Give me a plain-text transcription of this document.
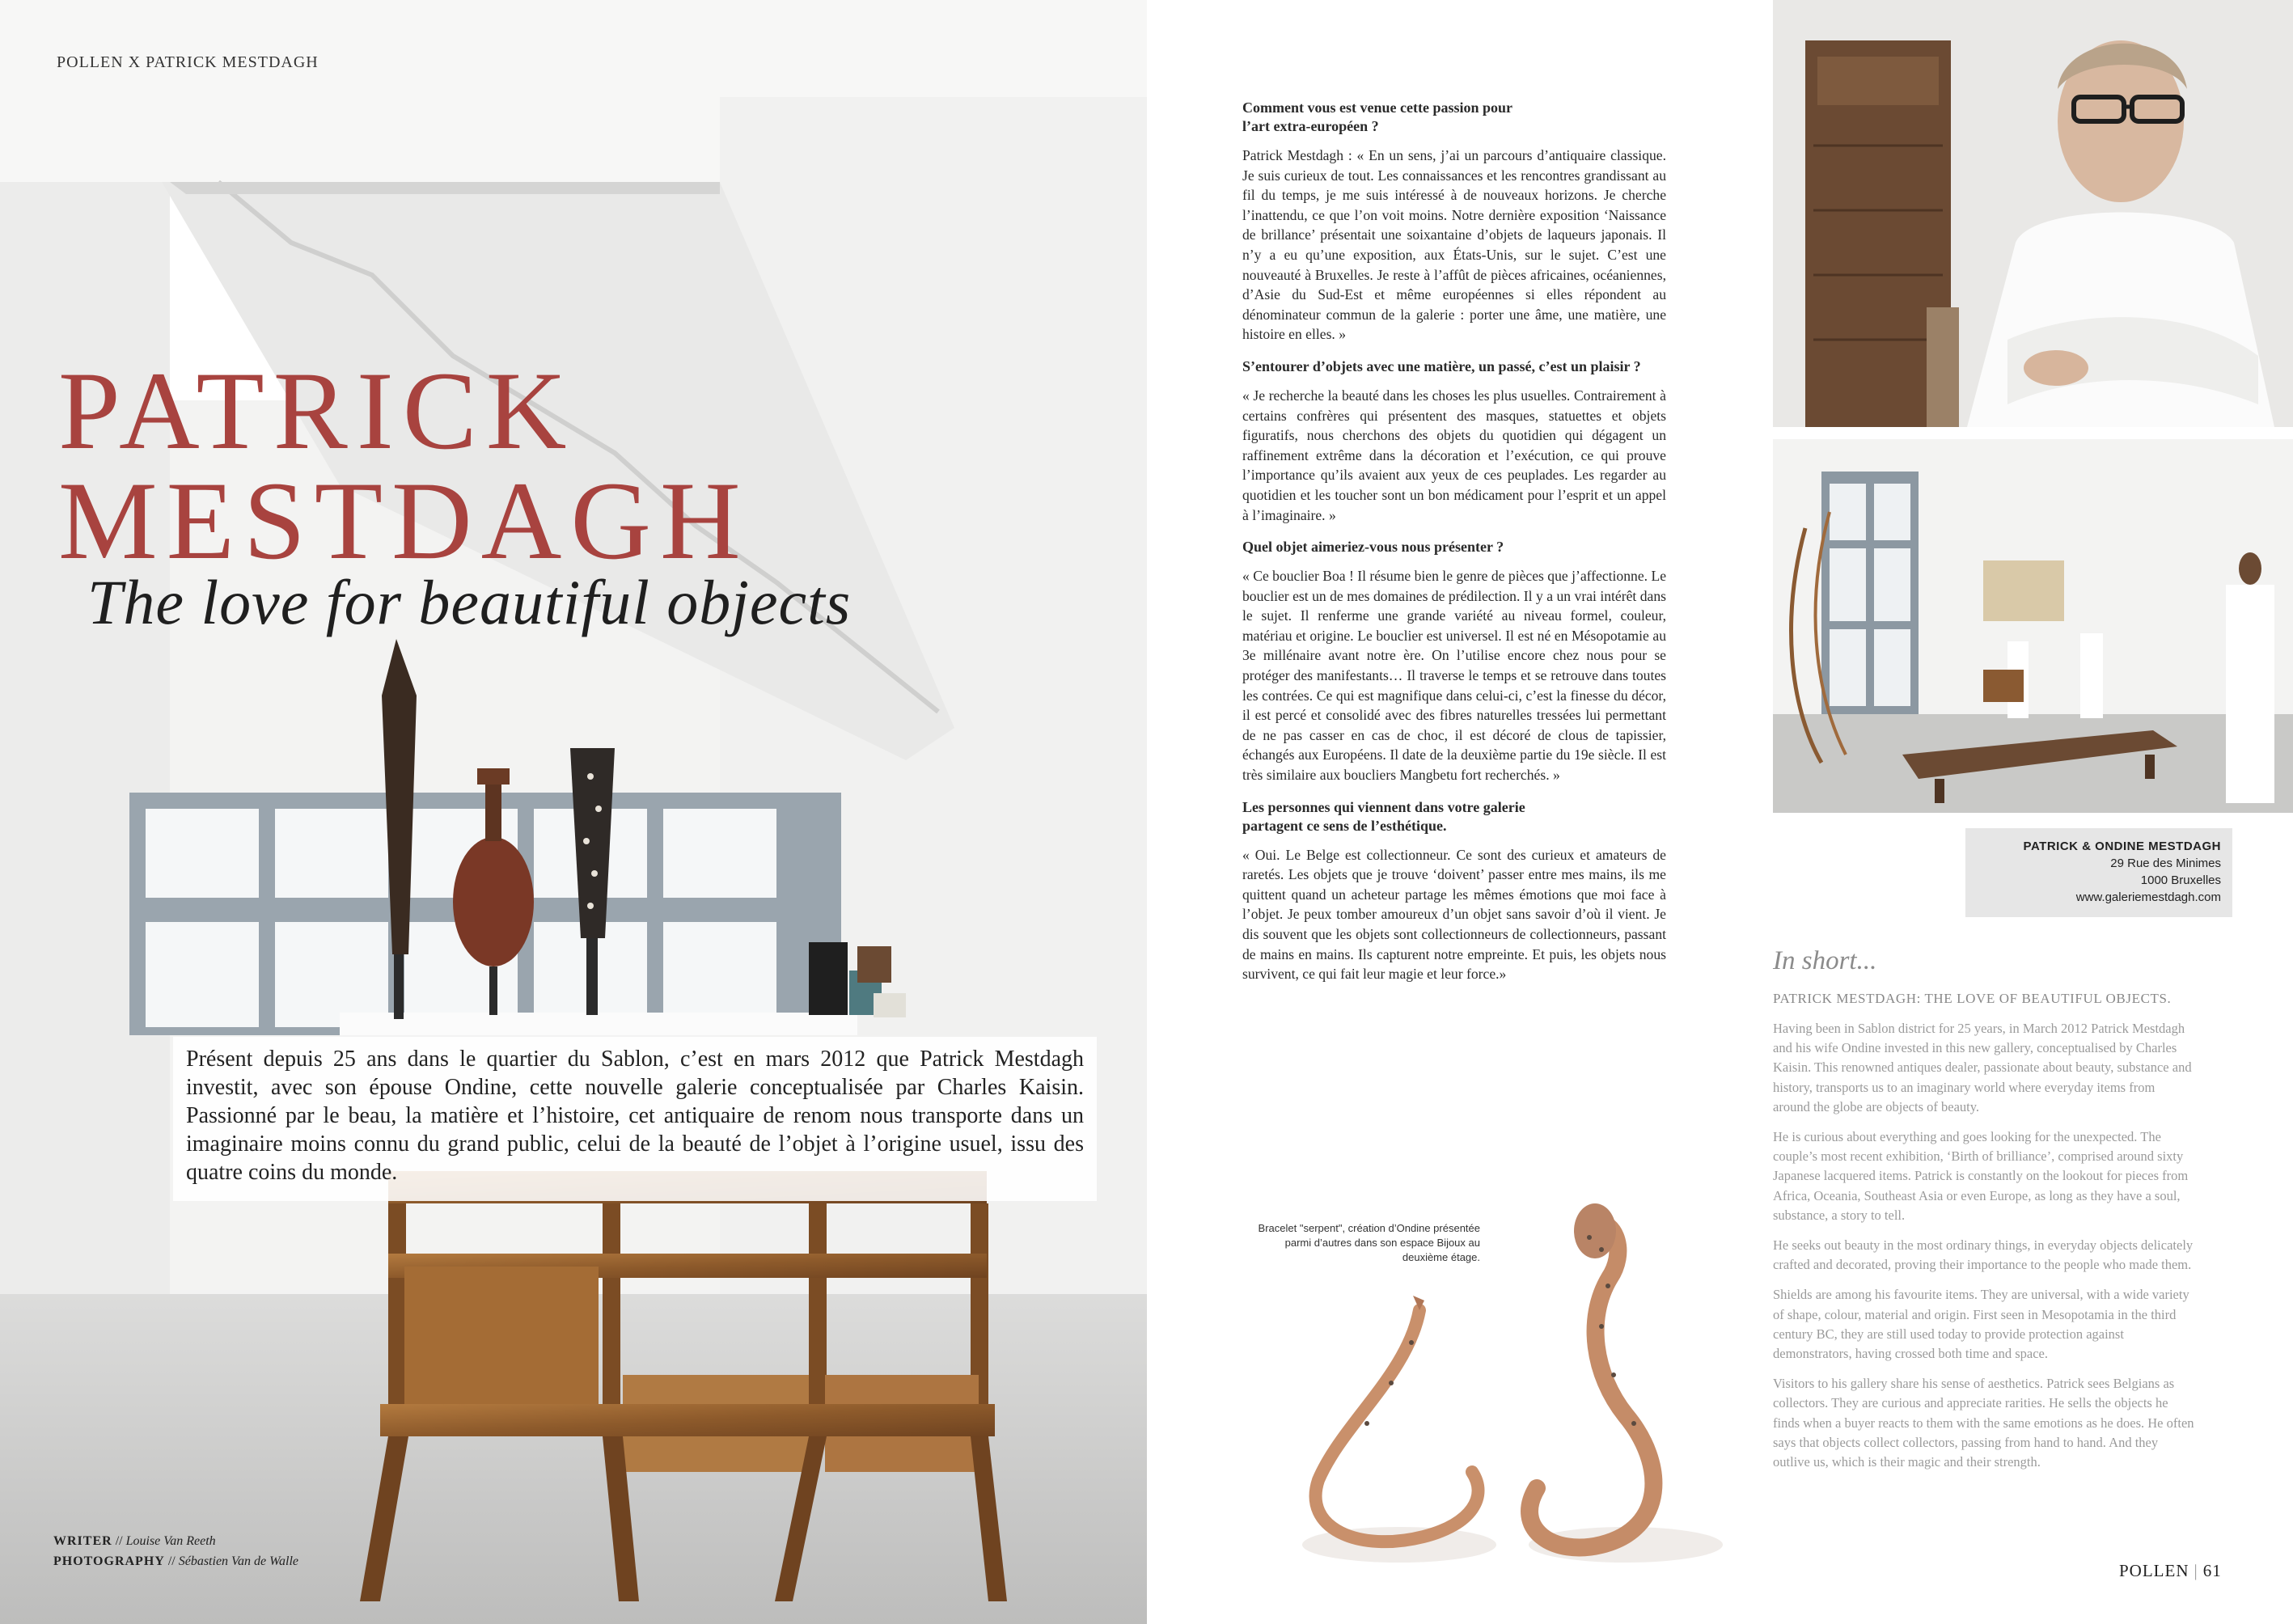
POLLEN X PATRICK MESTDAGH
PATRICK
MESTDAGH
The love for beautiful objects
Présent depuis 25 ans dans le quartier du Sablon, c’est en mars 2012 que Patrick Mestdagh investit, avec son épouse Ondine, cette nouvelle galerie conceptualisée par Charles Kaisin. Passionné par le beau, la matière et l’histoire, cet antiquaire de renom nous transporte dans un imaginaire moins connu du grand public, celui de la beauté de l’objet à l’origine usuel, issu des quatre coins du monde.
WRITER // Louise Van Reeth
PHOTOGRAPHY // Sébastien Van de Walle
Comment vous est venue cette passion pour l’art extra-européen ?

Patrick Mestdagh : « En un sens, j’ai un parcours d’antiquaire classique. Je suis curieux de tout. Les connaissances et les rencontres grandissant au fil du temps, je me suis intéressé à de nouveaux horizons. Je cherche l’inattendu, ce que l’on voit moins. Notre dernière exposition ‘Naissance de brillance’ présentait une soixantaine d’objets de laqueurs japonais. Il n’y a eu qu’une exposition, aux États-Unis, sur le sujet. C’est une nouveauté à Bruxelles. Je reste à l’affût de pièces africaines, océaniennes, d’Asie du Sud-Est et même européennes si elles répondent au dénominateur commun de la galerie : porter une âme, une matière, une histoire en elles. »

S’entourer d’objets avec une matière, un passé, c’est un plaisir ?

« Je recherche la beauté dans les choses les plus usuelles. Contrairement à certains confrères qui présentent des masques, statuettes et objets figuratifs, nous cherchons des objets du quotidien qui dégagent un raffinement extrême dans la décoration et l’exécution, ce qui prouve l’importance qu’ils avaient aux yeux de ces peuplades. Les regarder au quotidien et les toucher sont un bon médicament pour l’esprit et un appel à l’imaginaire. »

Quel objet aimeriez-vous nous présenter ?

« Ce bouclier Boa ! Il résume bien le genre de pièces que j’affectionne. Le bouclier est un de mes domaines de prédilection. Il y a un vrai intérêt dans le sujet. Il renferme une grande variété au niveau formel, couleur, matériau et origine. Le bouclier est universel. Il est né en Mésopotamie au 3e millénaire avant notre ère. On l’utilise encore chez nous pour se protéger des manifestants… Il traverse le temps et se retrouve dans toutes les contrées. Ce qui est magnifique dans celui-ci, c’est la finesse du décor, il est percé et consolidé avec des fibres naturelles tressées lui permettant de ne pas casser en cas de choc, il est décoré de clous de tapissier, échangés aux Européens. Il date de la deuxième partie du 19e siècle. Il est très similaire aux boucliers Mangbetu fort recherchés. »

Les personnes qui viennent dans votre galerie partagent ce sens de l’esthétique.

« Oui. Le Belge est collectionneur. Ce sont des curieux et amateurs de raretés. Les objets que je trouve ‘doivent’ passer entre mes mains, ils me quittent quand un acheteur partage les mêmes émotions que moi face à l’objet. Je peux tomber amoureux d’un objet sans savoir d’où il vient. Je dis souvent que les objets sont collectionneurs de collectionneurs, passant de mains en mains. Ils capturent notre empreinte. Et puis, les objets nous survivent, ce qui fait leur magie et leur force.»

Bracelet "serpent", création d’Ondine présentée parmi d’autres dans son espace Bijoux au deuxième étage.
PATRICK & ONDINE MESTDAGH
29 Rue des Minimes
1000 Bruxelles
www.galeriemestdagh.com
In short...
PATRICK MESTDAGH: THE LOVE OF BEAUTIFUL OBJECTS.

Having been in Sablon district for 25 years, in March 2012 Patrick Mestdagh and his wife Ondine invested in this new gallery, conceptualised by Charles Kaisin. This renowned antiques dealer, passionate about beauty, substance and history, transports us to an imaginary world where everyday items from around the globe are objects of beauty.

He is curious about everything and goes looking for the unexpected. The couple’s most recent exhibition, ‘Birth of brilliance’, comprised around sixty Japanese lacquered items. Patrick is constantly on the lookout for pieces from Africa, Oceania, Southeast Asia or even Europe, as long as they have a soul, substance, a story to tell.

He seeks out beauty in the most ordinary things, in everyday objects delicately crafted and decorated, proving their importance to the people who made them.

Shields are among his favourite items. They are universal, with a wide variety of shape, colour, material and origin. First seen in Mesopotamia in the third century BC, they are still used today to provide protection against demonstrators, having crossed both time and space.

Visitors to his gallery share his sense of aesthetics. Patrick sees Belgians as collectors. They are curious and appreciate rarities. He sells the objects he finds when a buyer reacts to them with the same emotions as he does. He often says that objects collect collectors, passing from hand to hand. And they outlive us, which is their magic and their strength.

POLLEN | 61
